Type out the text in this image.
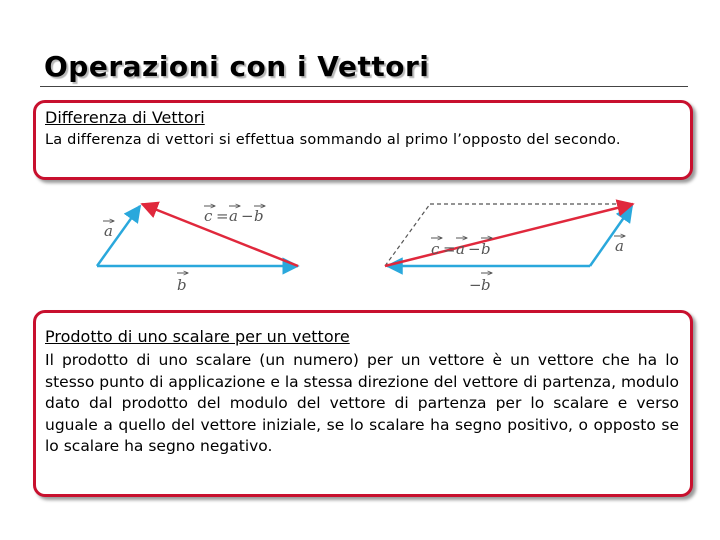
Operazioni con i Vettori
Differenza di Vettori
La differenza di vettori si effettua sommando al primo l’opposto del secondo.
a
b
c = a − b
a
− b
c = a − b
Prodotto di uno scalare per un vettore
Il prodotto di uno scalare (un numero) per un vettore è un vettore che ha lo stesso punto di applicazione e la stessa direzione del vettore di partenza, modulo dato dal prodotto del modulo del vettore di partenza per lo scalare e verso uguale a quello del vettore iniziale, se lo scalare ha segno positivo, o opposto se lo scalare ha segno negativo.
